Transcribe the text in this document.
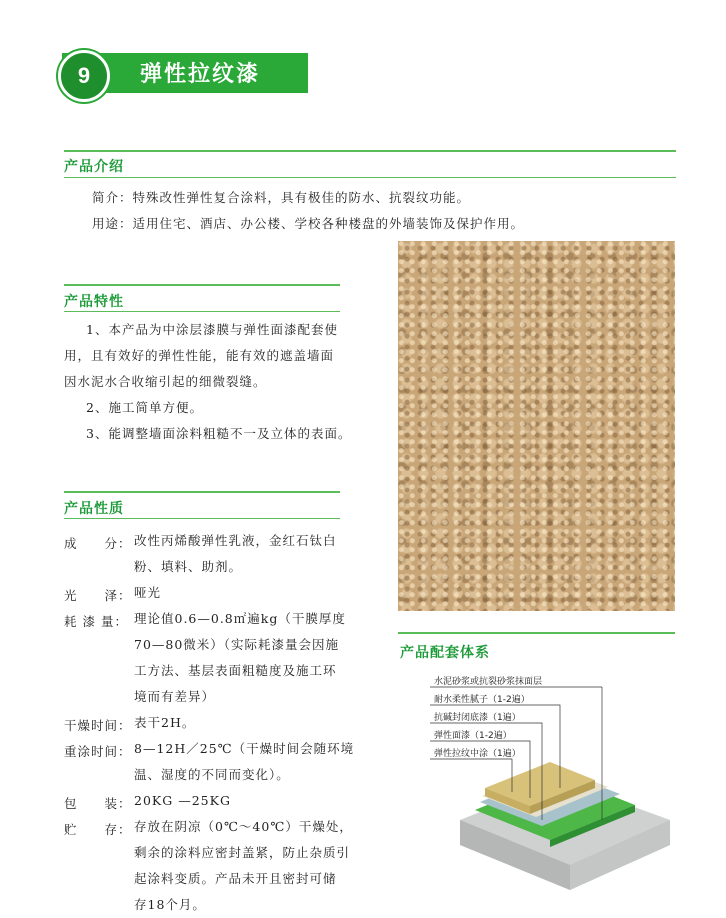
9	弹性拉纹漆
产品介绍
简介：特殊改性弹性复合涂料，具有极佳的防水、抗裂纹功能。
用途：适用住宅、酒店、办公楼、学校各种楼盘的外墙装饰及保护作用。
产品特性
1、本产品为中涂层漆膜与弹性面漆配套使
用，且有效好的弹性性能，能有效的遮盖墙面
因水泥水合收缩引起的细微裂缝。
2、施工简单方便。
3、能调整墙面涂料粗糙不一及立体的表面。
产品性质
成　　分： 改性丙烯酸弹性乳液，金红石钛白
粉、填料、助剂。
光　　泽： 哑光
耗 漆 量： 理论值0.6—0.8㎡遍kg（干膜厚度
70—80微米）（实际耗漆量会因施
工方法、基层表面粗糙度及施工环
境而有差异）
干燥时间： 表干2H。
重涂时间： 8—12H／25℃（干燥时间会随环境
温、湿度的不同而变化）。
包　　装： 20KG —25KG
贮　　存： 存放在阴凉（0℃～40℃）干燥处，
剩余的涂料应密封盖紧，防止杂质引
起涂料变质。产品未开且密封可储
存18个月。
产品配套体系
水泥砂浆或抗裂砂浆抹面层
耐水柔性腻子（1-2遍）
抗碱封闭底漆（1遍）
弹性面漆（1-2遍）
弹性拉纹中涂（1遍）
